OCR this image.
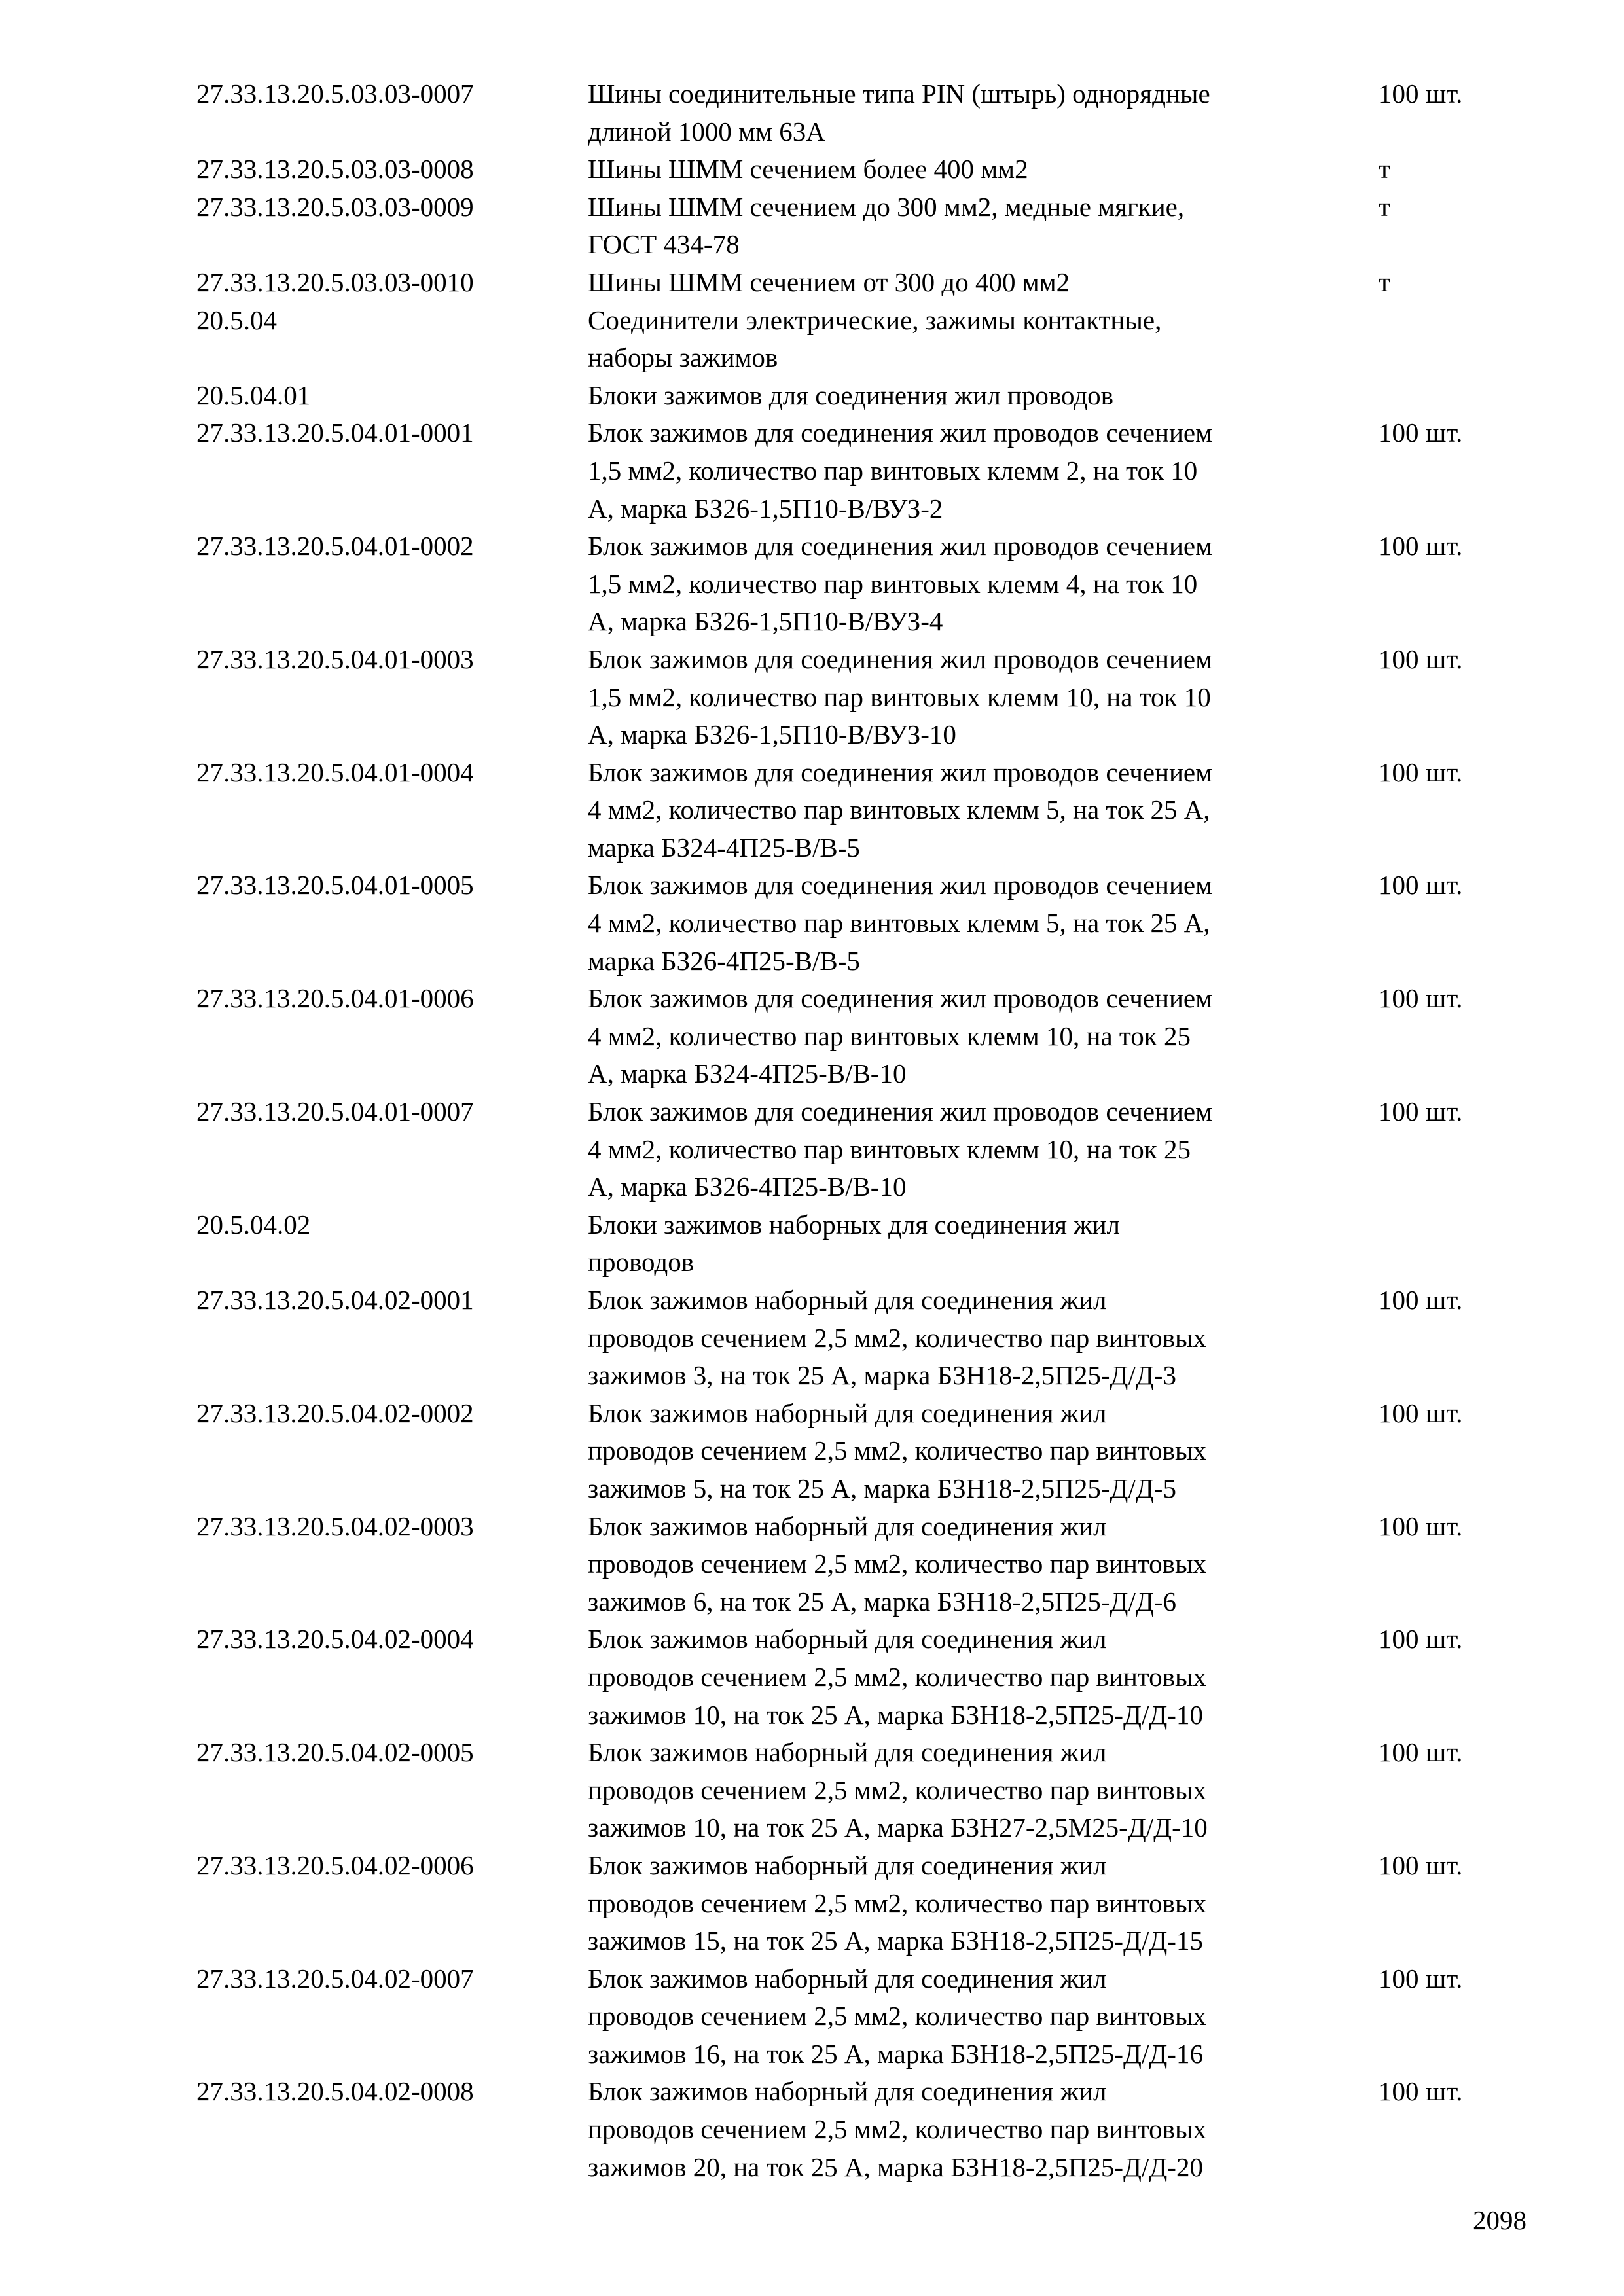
27.33.13.20.5.03.03-0007	Шины соединительные типа PIN (штырь) однорядные
длиной 1000 мм 63А
100 шт.
27.33.13.20.5.03.03-0008	Шины ШММ сечением более 400 мм2	т
27.33.13.20.5.03.03-0009	Шины ШММ сечением до 300 мм2, медные мягкие,
ГОСТ 434-78
т
27.33.13.20.5.03.03-0010	Шины ШММ сечением от 300 до 400 мм2	т
20.5.04	Соединители электрические, зажимы контактные,
наборы зажимов
20.5.04.01	Блоки зажимов для соединения жил проводов
27.33.13.20.5.04.01-0001	Блок зажимов для соединения жил проводов сечением
1,5 мм2, количество пар винтовых клемм 2, на ток 10
А, марка БЗ26-1,5П10-В/ВУЗ-2
100 шт.
27.33.13.20.5.04.01-0002	Блок зажимов для соединения жил проводов сечением
1,5 мм2, количество пар винтовых клемм 4, на ток 10
А, марка БЗ26-1,5П10-В/ВУЗ-4
100 шт.
27.33.13.20.5.04.01-0003	Блок зажимов для соединения жил проводов сечением
1,5 мм2, количество пар винтовых клемм 10, на ток 10
А, марка БЗ26-1,5П10-В/ВУЗ-10
100 шт.
27.33.13.20.5.04.01-0004	Блок зажимов для соединения жил проводов сечением
4 мм2, количество пар винтовых клемм 5, на ток 25 А,
марка БЗ24-4П25-В/В-5
100 шт.
27.33.13.20.5.04.01-0005	Блок зажимов для соединения жил проводов сечением
4 мм2, количество пар винтовых клемм 5, на ток 25 А,
марка БЗ26-4П25-В/В-5
100 шт.
27.33.13.20.5.04.01-0006	Блок зажимов для соединения жил проводов сечением
4 мм2, количество пар винтовых клемм 10, на ток 25
А, марка БЗ24-4П25-В/В-10
100 шт.
27.33.13.20.5.04.01-0007	Блок зажимов для соединения жил проводов сечением
4 мм2, количество пар винтовых клемм 10, на ток 25
А, марка БЗ26-4П25-В/В-10
100 шт.
20.5.04.02	Блоки зажимов наборных для соединения жил
проводов
27.33.13.20.5.04.02-0001	Блок зажимов наборный для соединения жил
проводов сечением 2,5 мм2, количество пар винтовых
зажимов 3, на ток 25 А, марка БЗН18-2,5П25-Д/Д-3
100 шт.
27.33.13.20.5.04.02-0002	Блок зажимов наборный для соединения жил
проводов сечением 2,5 мм2, количество пар винтовых
зажимов 5, на ток 25 А, марка БЗН18-2,5П25-Д/Д-5
100 шт.
27.33.13.20.5.04.02-0003	Блок зажимов наборный для соединения жил
проводов сечением 2,5 мм2, количество пар винтовых
зажимов 6, на ток 25 А, марка БЗН18-2,5П25-Д/Д-6
100 шт.
27.33.13.20.5.04.02-0004	Блок зажимов наборный для соединения жил
проводов сечением 2,5 мм2, количество пар винтовых
зажимов 10, на ток 25 А, марка БЗН18-2,5П25-Д/Д-10
100 шт.
27.33.13.20.5.04.02-0005	Блок зажимов наборный для соединения жил
проводов сечением 2,5 мм2, количество пар винтовых
зажимов 10, на ток 25 А, марка БЗН27-2,5М25-Д/Д-10
100 шт.
27.33.13.20.5.04.02-0006	Блок зажимов наборный для соединения жил
проводов сечением 2,5 мм2, количество пар винтовых
зажимов 15, на ток 25 А, марка БЗН18-2,5П25-Д/Д-15
100 шт.
27.33.13.20.5.04.02-0007	Блок зажимов наборный для соединения жил
проводов сечением 2,5 мм2, количество пар винтовых
зажимов 16, на ток 25 А, марка БЗН18-2,5П25-Д/Д-16
100 шт.
27.33.13.20.5.04.02-0008	Блок зажимов наборный для соединения жил
проводов сечением 2,5 мм2, количество пар винтовых
зажимов 20, на ток 25 А, марка БЗН18-2,5П25-Д/Д-20
100 шт.
2098
